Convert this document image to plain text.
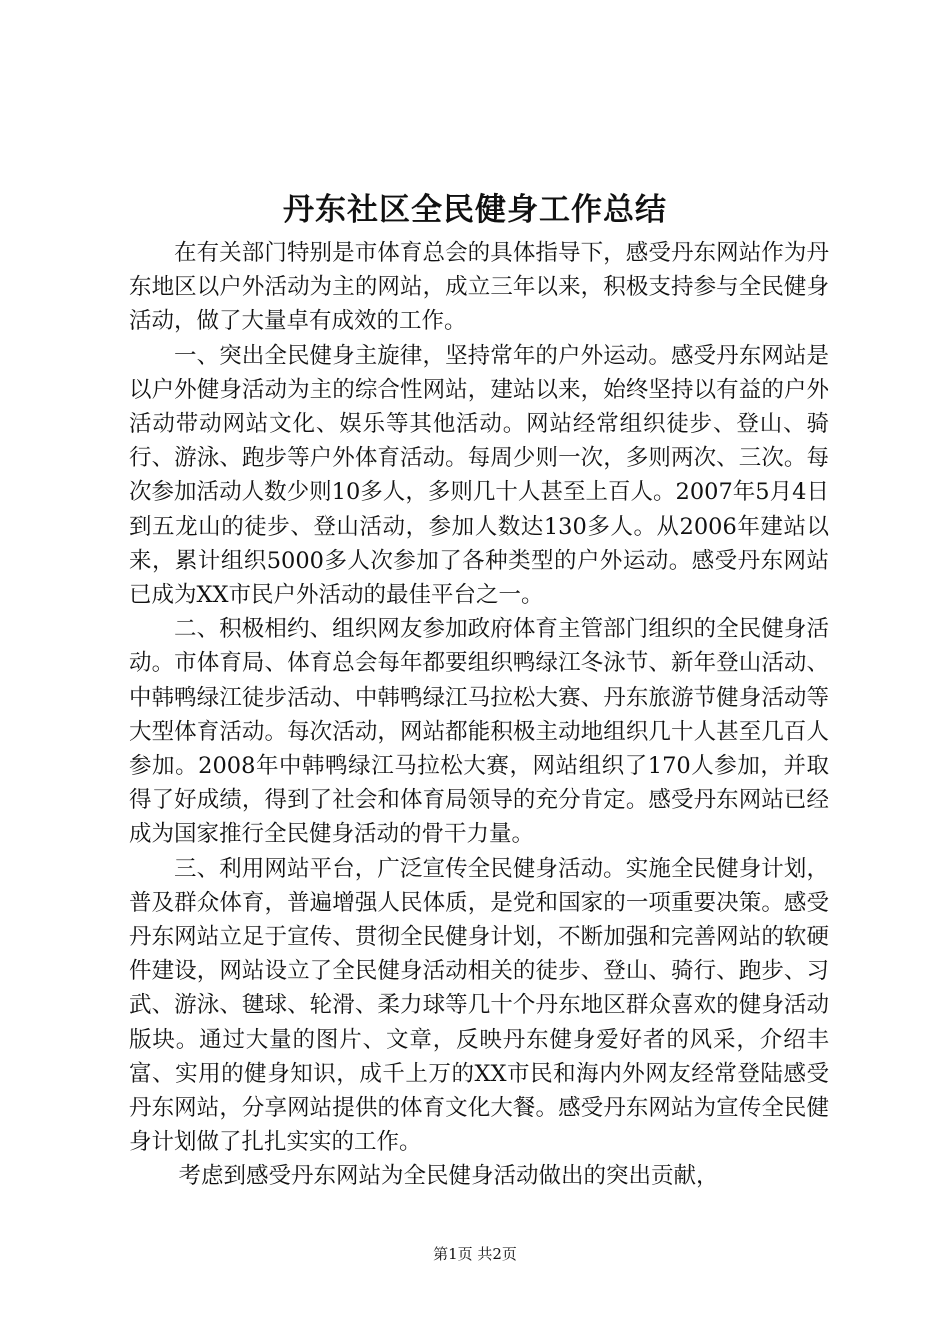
丹东社区全民健身工作总结

在有关部门特别是市体育总会的具体指导下，感受丹东网站作为丹东地区以户外活动为主的网站，成立三年以来，积极支持参与全民健身活动，做了大量卓有成效的工作。

一、突出全民健身主旋律，坚持常年的户外运动。感受丹东网站是以户外健身活动为主的综合性网站，建站以来，始终坚持以有益的户外活动带动网站文化、娱乐等其他活动。网站经常组织徒步、登山、骑行、游泳、跑步等户外体育活动。每周少则一次，多则两次、三次。每次参加活动人数少则10多人，多则几十人甚至上百人。2007年5月4日到五龙山的徒步、登山活动，参加人数达130多人。从2006年建站以来，累计组织5000多人次参加了各种类型的户外运动。感受丹东网站已成为XX市民户外活动的最佳平台之一。

二、积极相约、组织网友参加政府体育主管部门组织的全民健身活动。市体育局、体育总会每年都要组织鸭绿江冬泳节、新年登山活动、中韩鸭绿江徒步活动、中韩鸭绿江马拉松大赛、丹东旅游节健身活动等大型体育活动。每次活动，网站都能积极主动地组织几十人甚至几百人参加。2008年中韩鸭绿江马拉松大赛，网站组织了170人参加，并取得了好成绩，得到了社会和体育局领导的充分肯定。感受丹东网站已经成为国家推行全民健身活动的骨干力量。

三、利用网站平台，广泛宣传全民健身活动。实施全民健身计划，普及群众体育，普遍增强人民体质，是党和国家的一项重要决策。感受丹东网站立足于宣传、贯彻全民健身计划，不断加强和完善网站的软硬件建设，网站设立了全民健身活动相关的徒步、登山、骑行、跑步、习武、游泳、毽球、轮滑、柔力球等几十个丹东地区群众喜欢的健身活动版块。通过大量的图片、文章，反映丹东健身爱好者的风采，介绍丰富、实用的健身知识，成千上万的XX市民和海内外网友经常登陆感受丹东网站，分享网站提供的体育文化大餐。感受丹东网站为宣传全民健身计划做了扎扎实实的工作。

考虑到感受丹东网站为全民健身活动做出的突出贡献，

第1页 共2页
